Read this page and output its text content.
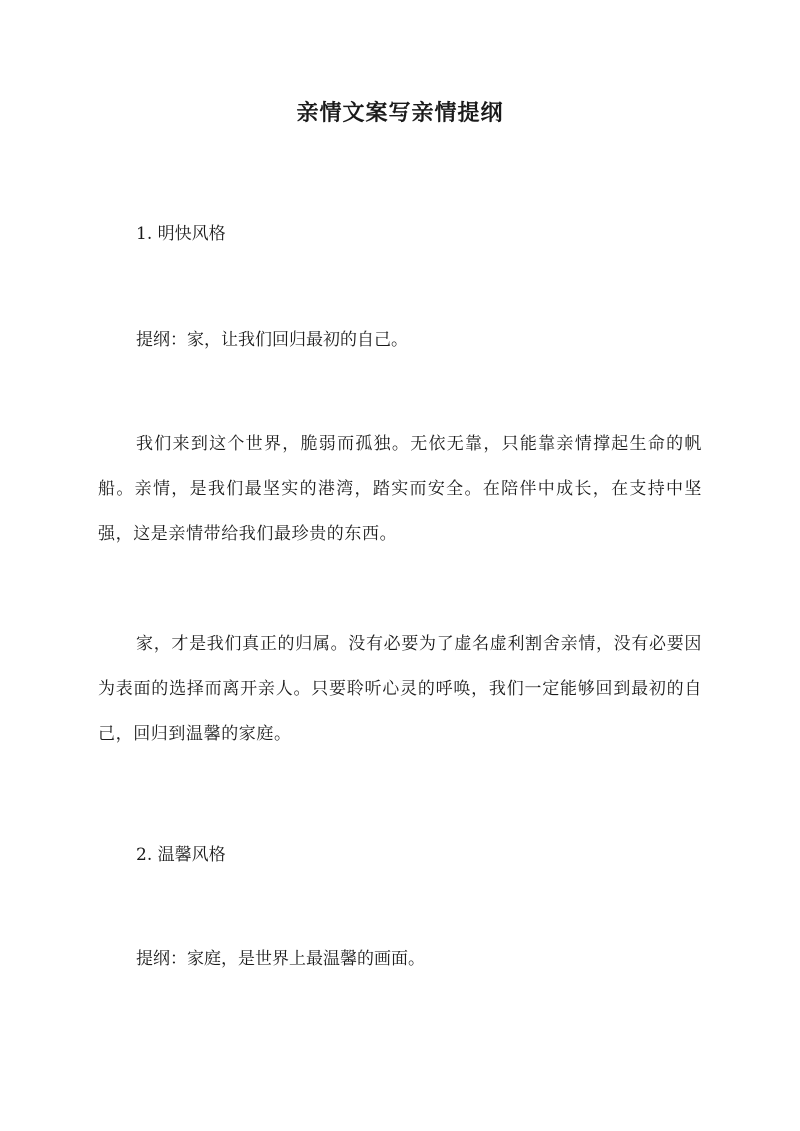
亲情文案写亲情提纲
1. 明快风格
提纲：家，让我们回归最初的自己。
我们来到这个世界，脆弱而孤独。无依无靠，只能靠亲情撑起生命的帆船。亲情，是我们最坚实的港湾，踏实而安全。在陪伴中成长，在支持中坚强，这是亲情带给我们最珍贵的东西。
家，才是我们真正的归属。没有必要为了虚名虚利割舍亲情，没有必要因为表面的选择而离开亲人。只要聆听心灵的呼唤，我们一定能够回到最初的自己，回归到温馨的家庭。
2. 温馨风格
提纲：家庭，是世界上最温馨的画面。
